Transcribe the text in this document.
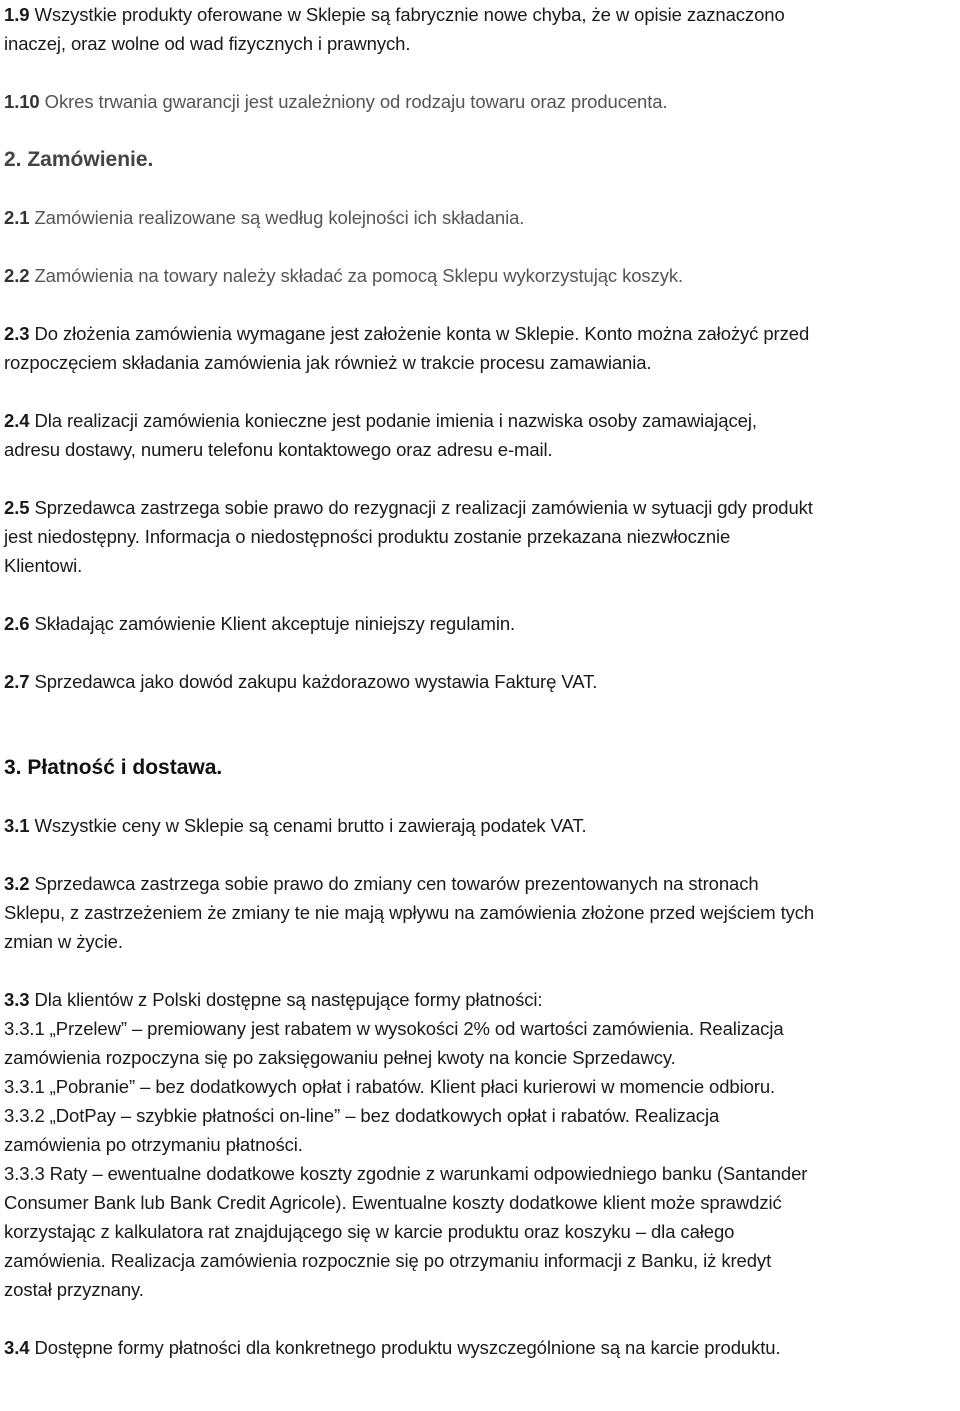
1.9 Wszystkie produkty oferowane w Sklepie są fabrycznie nowe chyba, że w opisie zaznaczono
inaczej, oraz wolne od wad fizycznych i prawnych.
1.10 Okres trwania gwarancji jest uzależniony od rodzaju towaru oraz producenta.
2. Zamówienie.
2.1 Zamówienia realizowane są według kolejności ich składania.
2.2 Zamówienia na towary należy składać za pomocą Sklepu wykorzystując koszyk.
2.3 Do złożenia zamówienia wymagane jest założenie konta w Sklepie. Konto można założyć przed
rozpoczęciem składania zamówienia jak również w trakcie procesu zamawiania.
2.4 Dla realizacji zamówienia konieczne jest podanie imienia i nazwiska osoby zamawiającej,
adresu dostawy, numeru telefonu kontaktowego oraz adresu e-mail.
2.5 Sprzedawca zastrzega sobie prawo do rezygnacji z realizacji zamówienia w sytuacji gdy produkt
jest niedostępny. Informacja o niedostępności produktu zostanie przekazana niezwłocznie
Klientowi.
2.6 Składając zamówienie Klient akceptuje niniejszy regulamin.
2.7 Sprzedawca jako dowód zakupu każdorazowo wystawia Fakturę VAT.
3. Płatność i dostawa.
3.1 Wszystkie ceny w Sklepie są cenami brutto i zawierają podatek VAT.
3.2 Sprzedawca zastrzega sobie prawo do zmiany cen towarów prezentowanych na stronach
Sklepu, z zastrzeżeniem że zmiany te nie mają wpływu na zamówienia złożone przed wejściem tych
zmian w życie.
3.3 Dla klientów z Polski dostępne są następujące formy płatności:
3.3.1 „Przelew” – premiowany jest rabatem w wysokości 2% od wartości zamówienia. Realizacja
zamówienia rozpoczyna się po zaksięgowaniu pełnej kwoty na koncie Sprzedawcy.
3.3.1 „Pobranie” – bez dodatkowych opłat i rabatów. Klient płaci kurierowi w momencie odbioru.
3.3.2 „DotPay – szybkie płatności on-line” – bez dodatkowych opłat i rabatów. Realizacja
zamówienia po otrzymaniu płatności.
3.3.3 Raty – ewentualne dodatkowe koszty zgodnie z warunkami odpowiedniego banku (Santander
Consumer Bank lub Bank Credit Agricole). Ewentualne koszty dodatkowe klient może sprawdzić
korzystając z kalkulatora rat znajdującego się w karcie produktu oraz koszyku – dla całego
zamówienia. Realizacja zamówienia rozpocznie się po otrzymaniu informacji z Banku, iż kredyt
został przyznany.
3.4 Dostępne formy płatności dla konkretnego produktu wyszczególnione są na karcie produktu.
